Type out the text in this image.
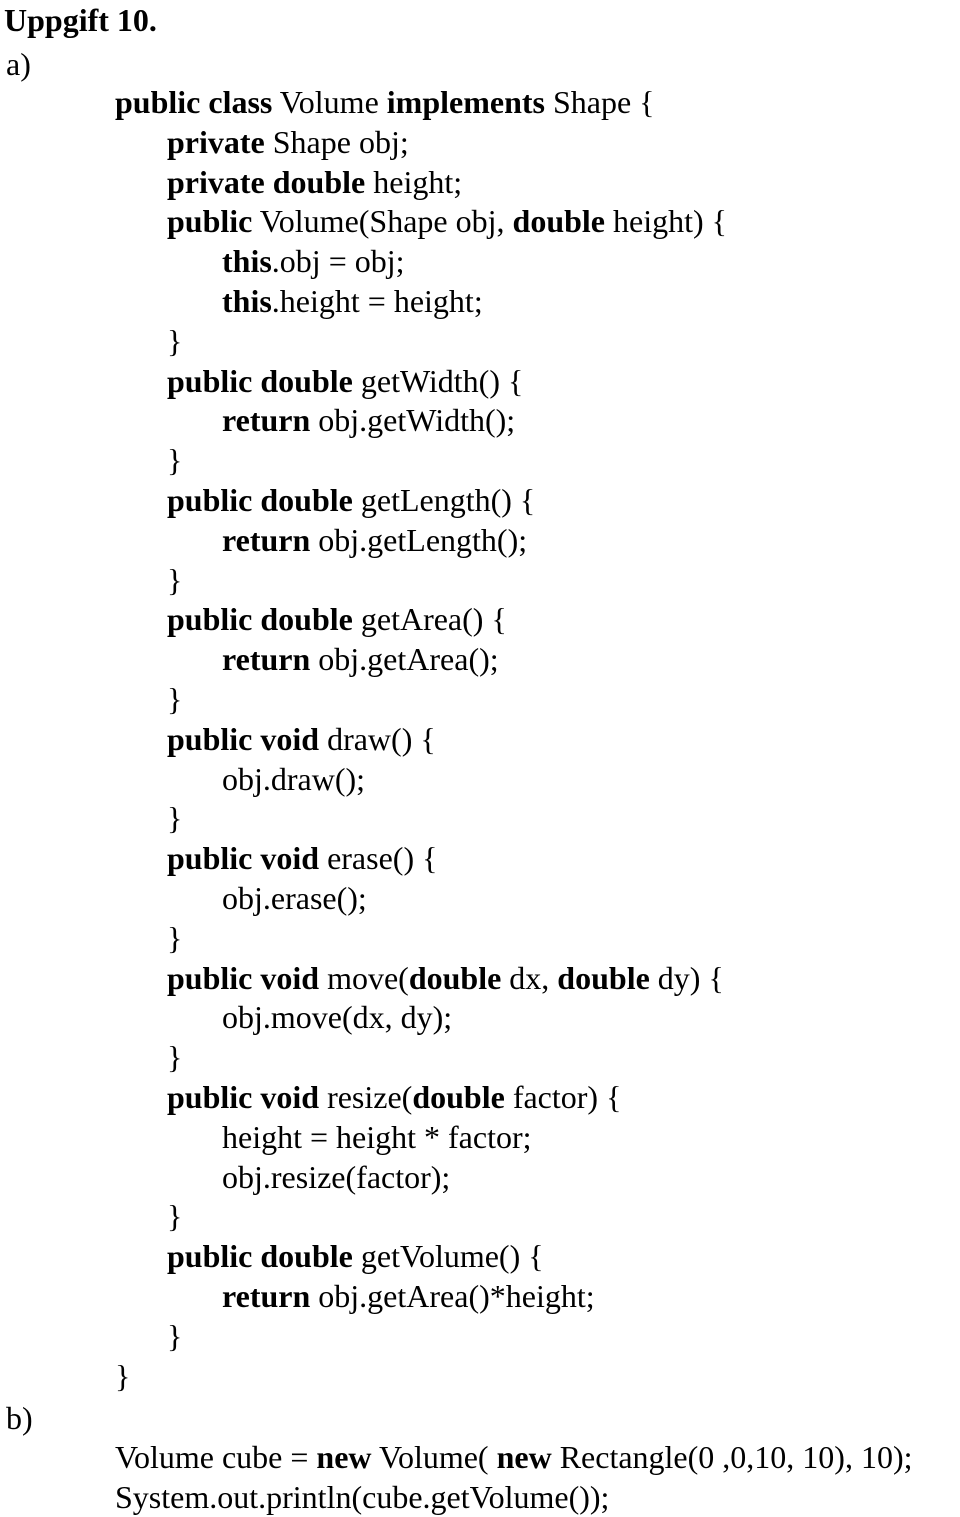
Uppgift 10.
a)
public class Volume implements Shape {
private Shape obj;
private double height;
public Volume(Shape obj, double height) {
this.obj = obj;
this.height = height;
}
public double getWidth() {
return obj.getWidth();
}
public double getLength() {
return obj.getLength();
}
public double getArea() {
return obj.getArea();
}
public void draw() {
obj.draw();
}
public void erase() {
obj.erase();
}
public void move(double dx, double dy) {
obj.move(dx, dy);
}
public void resize(double factor) {
height = height * factor;
obj.resize(factor);
}
public double getVolume() {
return obj.getArea()*height;
}
}
b)
Volume cube = new Volume( new Rectangle(0 ,0,10, 10), 10);
System.out.println(cube.getVolume());
